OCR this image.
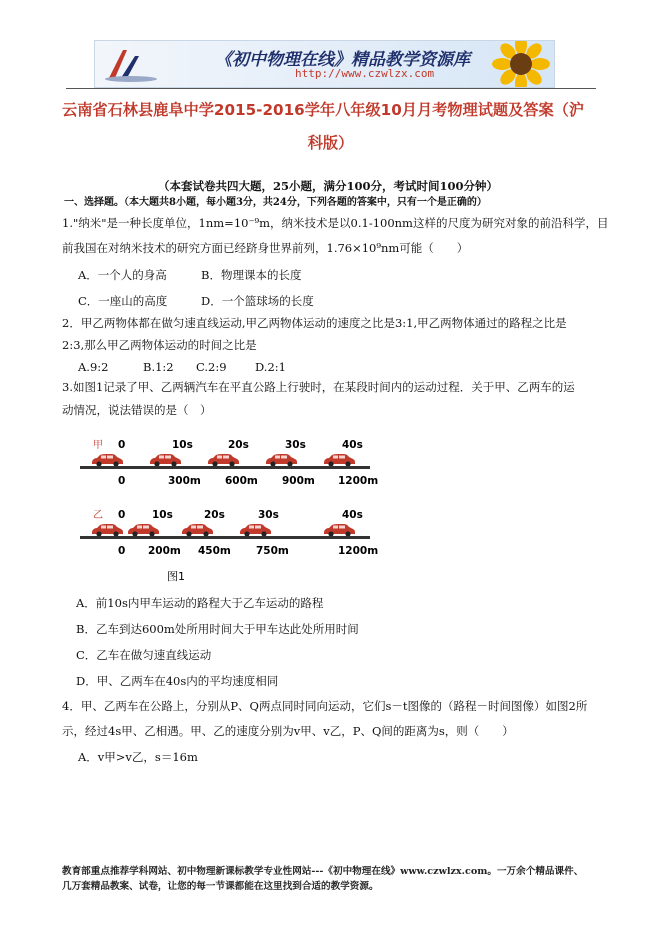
《初中物理在线》精品教学资源库
http://www.czwlzx.com
云南省石林县鹿阜中学2015-2016学年八年级10月月考物理试题及答案（沪
科版）
（本套试卷共四大题，25小题，满分100分，考试时间100分钟）
一、选择题。（本大题共8小题，每小题3分，共24分，下列各题的答案中，只有一个是正确的）
1."纳米"是一种长度单位，1nm=10⁻⁹m，纳米技术是以0.1-100nm这样的尺度为研究对象的前沿科学，目
前我国在对纳米技术的研究方面已经跻身世界前列，1.76×10⁹nm可能（　　）
A．一个人的身高	B．物理课本的长度
C．一座山的高度	D．一个篮球场的长度
2．甲乙两物体都在做匀速直线运动,甲乙两物体运动的速度之比是3:1,甲乙两物体通过的路程之比是
2:3,那么甲乙两物体运动的时间之比是
A.9:2	B.1:2 C.2:9 D.2:1
3.如图1记录了甲、乙两辆汽车在平直公路上行驶时，在某段时间内的运动过程．关于甲、乙两车的运
动情况，说法错误的是（　）
甲 0	10s	20s	30s	40s
0	300m 600m 900m 1200m
乙 0	10s	20s	30s	40s
0 200m 450m 750m	1200m
图1
A．前10s内甲车运动的路程大于乙车运动的路程
B．乙车到达600m处所用时间大于甲车达此处所用时间
C．乙车在做匀速直线运动
D．甲、乙两车在40s内的平均速度相同
4．甲、乙两车在公路上，分别从P、Q两点同时同向运动，它们s－t图像的（路程－时间图像）如图2所
示，经过4s甲、乙相遇。甲、乙的速度分别为v甲、v乙，P、Q间的距离为s，则（　　）
A．v甲>v乙，s＝16m
教育部重点推荐学科网站、初中物理新课标教学专业性网站---《初中物理在线》www.czwlzx.com。一万余个精品课件、
几万套精品教案、试卷，让您的每一节课都能在这里找到合适的教学资源。
